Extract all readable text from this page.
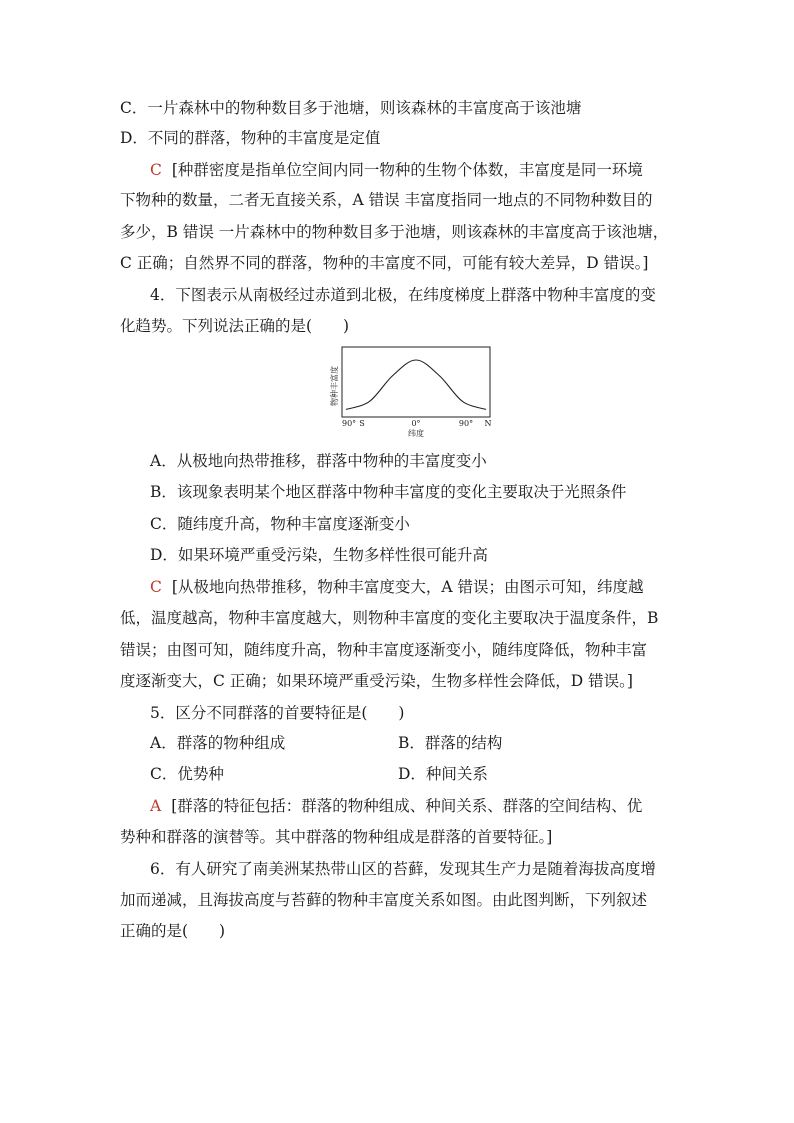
C．一片森林中的物种数目多于池塘，则该森林的丰富度高于该池塘
D．不同的群落，物种的丰富度是定值
C [种群密度是指单位空间内同一物种的生物个体数，丰富度是同一环境
下物种的数量，二者无直接关系，A 错误 丰富度指同一地点的不同物种数目的
多少，B 错误 一片森林中的物种数目多于池塘，则该森林的丰富度高于该池塘，
C 正确；自然界不同的群落，物种的丰富度不同，可能有较大差异，D 错误。]
4．下图表示从南极经过赤道到北极，在纬度梯度上群落中物种丰富度的变
化趋势。下列说法正确的是(　　)
物种丰富度
90° S	0°	90° N
纬度
A．从极地向热带推移，群落中物种的丰富度变小
B．该现象表明某个地区群落中物种丰富度的变化主要取决于光照条件
C．随纬度升高，物种丰富度逐渐变小
D．如果环境严重受污染，生物多样性很可能升高
C [从极地向热带推移，物种丰富度变大，A 错误；由图示可知，纬度越
低，温度越高，物种丰富度越大，则物种丰富度的变化主要取决于温度条件，B
错误；由图可知，随纬度升高，物种丰富度逐渐变小，随纬度降低，物种丰富
度逐渐变大，C 正确；如果环境严重受污染，生物多样性会降低，D 错误。]
5．区分不同群落的首要特征是(　　)
A．群落的物种组成	B．群落的结构
C．优势种	D．种间关系
A [群落的特征包括：群落的物种组成、种间关系、群落的空间结构、优
势种和群落的演替等。其中群落的物种组成是群落的首要特征。]
6．有人研究了南美洲某热带山区的苔藓，发现其生产力是随着海拔高度增
加而递减，且海拔高度与苔藓的物种丰富度关系如图。由此图判断，下列叙述
正确的是(　　)
